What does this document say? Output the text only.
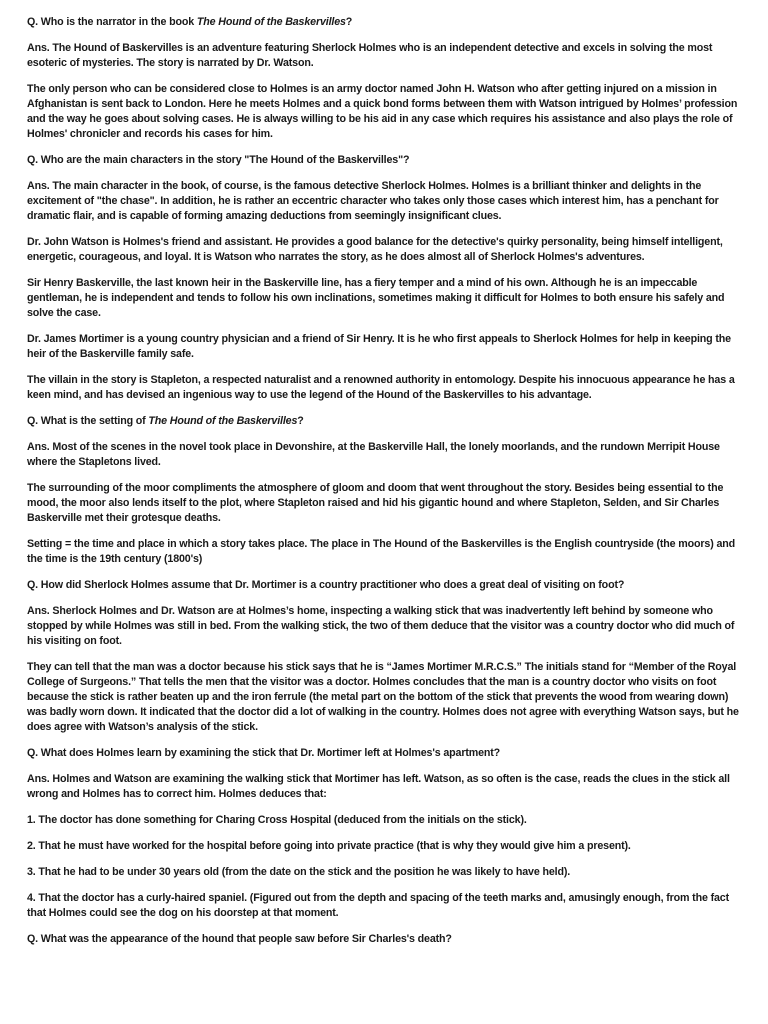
Q. Who is the narrator in the book The Hound of the Baskervilles?

Ans. The Hound of Baskervilles is an adventure featuring Sherlock Holmes who is an independent detective and excels in solving the most esoteric of mysteries. The story is narrated by Dr. Watson.

The only person who can be considered close to Holmes is an army doctor named John H. Watson who after getting injured on a mission in Afghanistan is sent back to London. Here he meets Holmes and a quick bond forms between them with Watson intrigued by Holmes’ profession and the way he goes about solving cases. He is always willing to be his aid in any case which requires his assistance and also plays the role of Holmes' chronicler and records his cases for him.

Q. Who are the main characters in the story "The Hound of the Baskervilles"?

Ans. The main character in the book, of course, is the famous detective Sherlock Holmes. Holmes is a brilliant thinker and delights in the excitement of "the chase". In addition, he is rather an eccentric character who takes only those cases which interest him, has a penchant for dramatic flair, and is capable of forming amazing deductions from seemingly insignificant clues.

Dr. John Watson is Holmes's friend and assistant. He provides a good balance for the detective's quirky personality, being himself intelligent, energetic, courageous, and loyal. It is Watson who narrates the story, as he does almost all of Sherlock Holmes's adventures.

Sir Henry Baskerville, the last known heir in the Baskerville line, has a fiery temper and a mind of his own. Although he is an impeccable gentleman, he is independent and tends to follow his own inclinations, sometimes making it difficult for Holmes to both ensure his safely and solve the case.

Dr. James Mortimer is a young country physician and a friend of Sir Henry. It is he who first appeals to Sherlock Holmes for help in keeping the heir of the Baskerville family safe.

The villain in the story is Stapleton, a respected naturalist and a renowned authority in entomology. Despite his innocuous appearance he has a keen mind, and has devised an ingenious way to use the legend of the Hound of the Baskervilles to his advantage.

Q. What is the setting of The Hound of the Baskervilles?

Ans. Most of the scenes in the novel took place in Devonshire, at the Baskerville Hall, the lonely moorlands, and the rundown Merripit House where the Stapletons lived.

The surrounding of the moor compliments the atmosphere of gloom and doom that went throughout the story. Besides being essential to the mood, the moor also lends itself to the plot, where Stapleton raised and hid his gigantic hound and where Stapleton, Selden, and Sir Charles Baskerville met their grotesque deaths.

Setting = the time and place in which a story takes place. The place in The Hound of the Baskervilles is the English countryside (the moors) and the time is the 19th century (1800's)

Q. How did Sherlock Holmes assume that Dr. Mortimer is a country practitioner who does a great deal of visiting on foot?

Ans. Sherlock Holmes and Dr. Watson are at Holmes’s home, inspecting a walking stick that was inadvertently left behind by someone who stopped by while Holmes was still in bed. From the walking stick, the two of them deduce that the visitor was a country doctor who did much of his visiting on foot.

They can tell that the man was a doctor because his stick says that he is “James Mortimer M.R.C.S.” The initials stand for “Member of the Royal College of Surgeons.” That tells the men that the visitor was a doctor. Holmes concludes that the man is a country doctor who visits on foot because the stick is rather beaten up and the iron ferrule (the metal part on the bottom of the stick that prevents the wood from wearing down) was badly worn down. It indicated that the doctor did a lot of walking in the country. Holmes does not agree with everything Watson says, but he does agree with Watson’s analysis of the stick.

Q. What does Holmes learn by examining the stick that Dr. Mortimer left at Holmes's apartment?

Ans. Holmes and Watson are examining the walking stick that Mortimer has left. Watson, as so often is the case, reads the clues in the stick all wrong and Holmes has to correct him. Holmes deduces that:

1. The doctor has done something for Charing Cross Hospital (deduced from the initials on the stick).

2. That he must have worked for the hospital before going into private practice (that is why they would give him a present).

3. That he had to be under 30 years old (from the date on the stick and the position he was likely to have held).

4. That the doctor has a curly-haired spaniel. (Figured out from the depth and spacing of the teeth marks and, amusingly enough, from the fact that Holmes could see the dog on his doorstep at that moment.

Q. What was the appearance of the hound that people saw before Sir Charles's death?
